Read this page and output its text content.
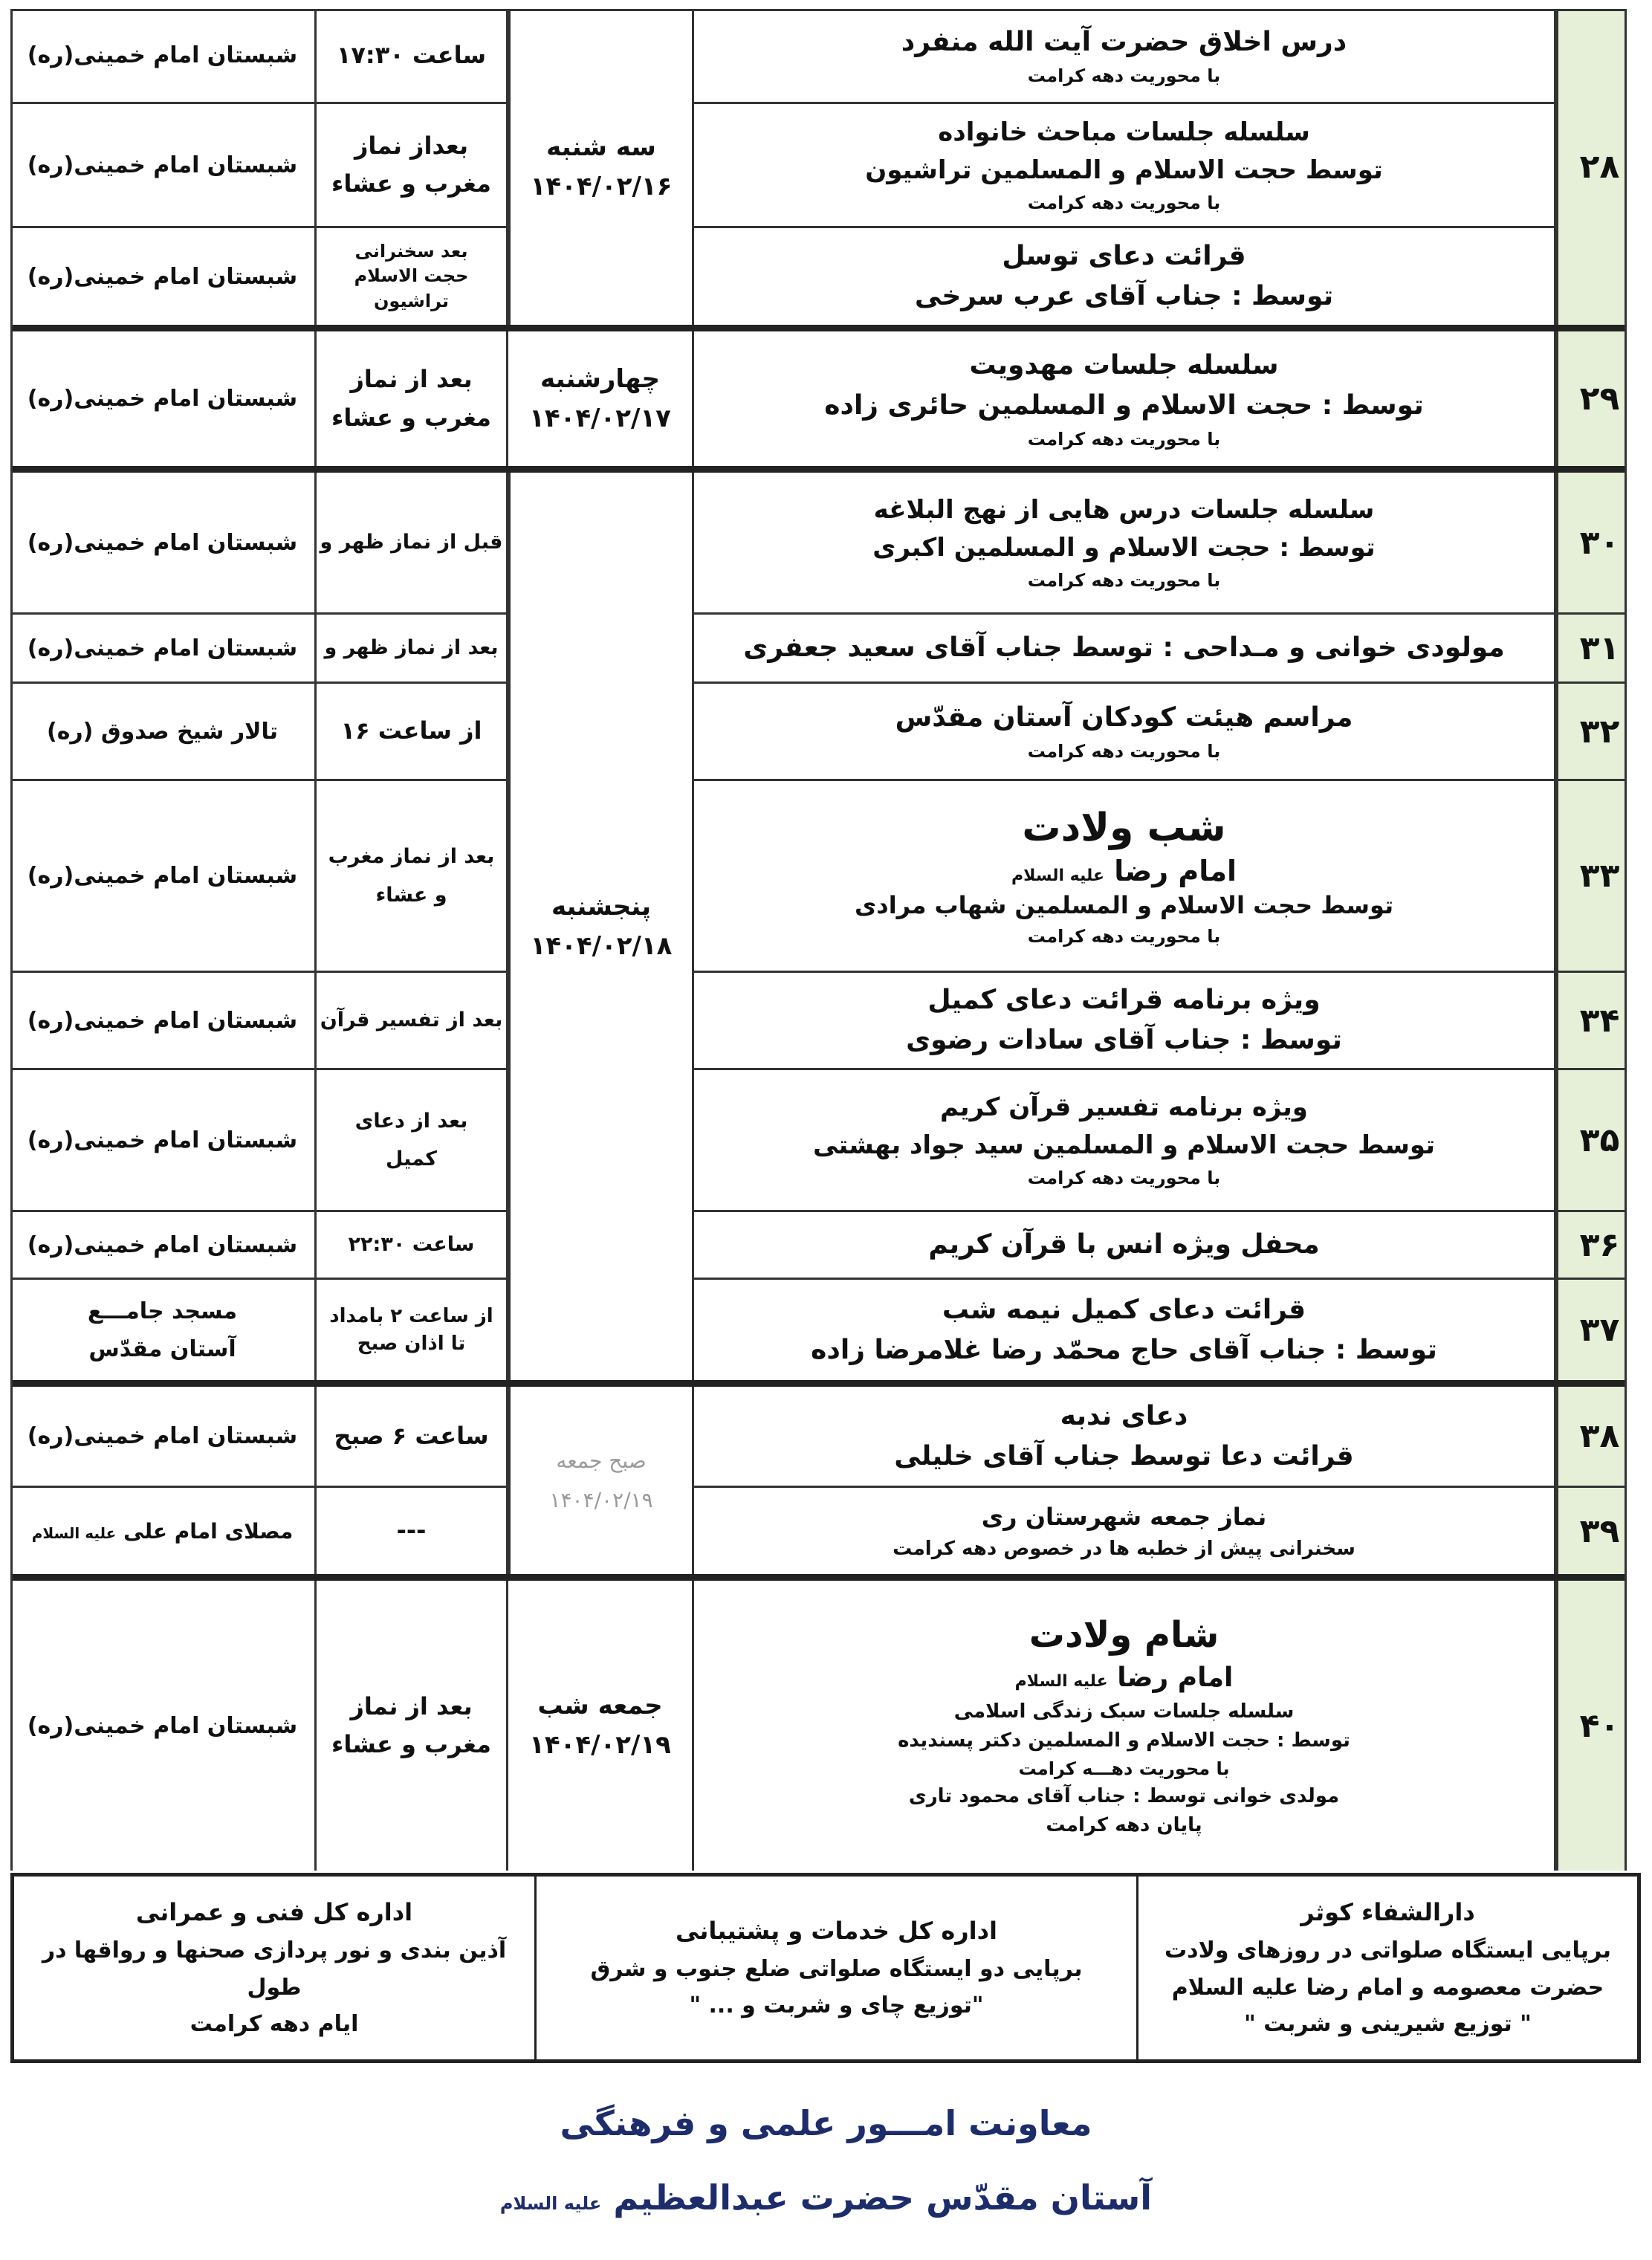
درس اخلاق حضرت آیت الله منفرد
با محوریت دهه کرامت
ساعت ۱۷:۳۰
شبستان امام خمینی(ره)
سلسله جلسات مباحث خانواده
توسط حجت الاسلام و المسلمین تراشیون
با محوریت دهه کرامت
بعداز نماز
مغرب و عشاء
شبستان امام خمینی(ره)
قرائت دعای توسل
توسط : جناب آقای عرب سرخی
بعد سخنرانی
حجت الاسلام تراشیون
شبستان امام خمینی(ره)
سه شنبه
۱۴۰۴/۰۲/۱۶
۲۸
۲۹
سلسله جلسات مهدویت
توسط : حجت الاسلام و المسلمین حائری زاده
با محوریت دهه کرامت
چهارشنبه
۱۴۰۴/۰۲/۱۷
بعد از نماز
مغرب و عشاء
شبستان امام خمینی(ره)
۳۰
سلسله جلسات درس هایی از نهج البلاغه
توسط : حجت الاسلام و المسلمین اکبری
با محوریت دهه کرامت
قبل از نماز ظهر و
شبستان امام خمینی(ره)
۳۱
مولودی خوانی و مـداحی : توسط جناب آقای سعید جعفری
بعد از نماز ظهر و
شبستان امام خمینی(ره)
۳۲
مراسم هیئت کودکان آستان مقدّس
با محوریت دهه کرامت
از ساعت ۱۶
تالار شیخ صدوق (ره)
۳۳
شب ولادت
امام رضا علیه السلام
توسط حجت الاسلام و المسلمین شهاب مرادی
با محوریت دهه کرامت
بعد از نماز مغرب
و عشاء
شبستان امام خمینی(ره)
۳۴
ویژه برنامه قرائت دعای کمیل
توسط : جناب آقای سادات رضوی
بعد از تفسیر قرآن
شبستان امام خمینی(ره)
۳۵
ویژه برنامه تفسیر قرآن کریم
توسط حجت الاسلام و المسلمین سید جواد بهشتی
با محوریت دهه کرامت
بعد از دعای
کمیل
شبستان امام خمینی(ره)
۳۶
محفل ویژه انس با قرآن کریم
ساعت ۲۲:۳۰
شبستان امام خمینی(ره)
۳۷
قرائت دعای کمیل نیمه شب
توسط : جناب آقای حاج محمّد رضا غلامرضا زاده
از ساعت ۲ بامداد
تا اذان صبح
مسجد جامـــع
آستان مقدّس
پنجشنبه
۱۴۰۴/۰۲/۱۸
۳۸
دعای ندبه
قرائت دعا توسط جناب آقای خلیلی
ساعت ۶ صبح
شبستان امام خمینی(ره)
۳۹
نماز جمعه شهرستان ری
سخنرانی پیش از خطبه ها در خصوص دهه کرامت
---
مصلای امام علی علیه السلام
صبح جمعه
۱۴۰۴/۰۲/۱۹
۴۰
شام ولادت
امام رضا علیه السلام
سلسله جلسات سبک زندگی اسلامی
توسط : حجت الاسلام و المسلمین دکتر پسندیده
با محوریت دهـــه کرامت
مولدی خوانی توسط : جناب آقای محمود تاری
پایان دهه کرامت
جمعه شب
۱۴۰۴/۰۲/۱۹
بعد از نماز
مغرب و عشاء
شبستان امام خمینی(ره)
دارالشفاء کوثر
برپایی ایستگاه صلواتی در روزهای ولادت
حضرت معصومه و امام رضا علیه السلام
" توزیع شیرینی و شربت "
اداره کل خدمات و پشتیبانی
برپایی دو ایستگاه صلواتی ضلع جنوب و شرق
"توزیع چای و شربت و ... "
اداره کل فنی و عمرانی
آذین بندی و نور پردازی صحنها و رواقها در طول
ایام دهه کرامت
معاونت امـــور علمی و فرهنگی
آستان مقدّس حضرت عبدالعظیم علیه السلام
